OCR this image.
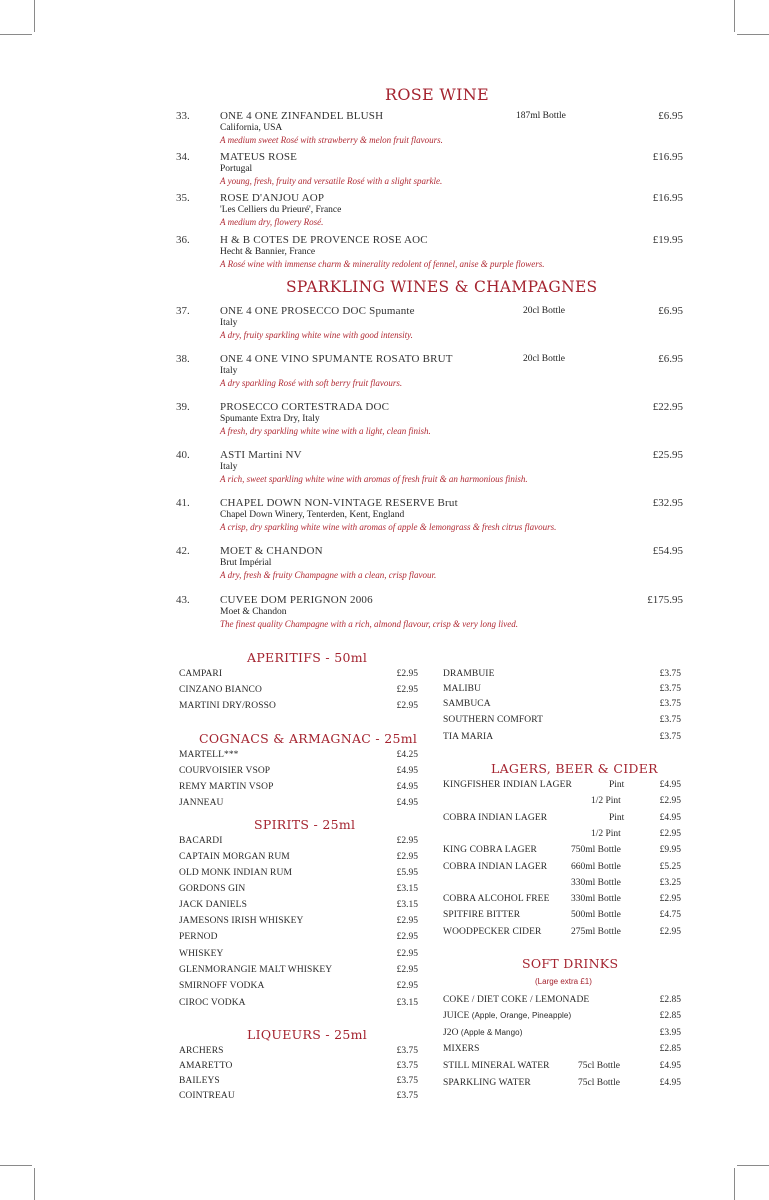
ROSE WINE
33.	ONE 4 ONE ZINFANDEL BLUSH	187ml Bottle	£6.95
California, USA
A medium sweet Rosé with strawberry & melon fruit flavours.
34.	MATEUS ROSE	£16.95
Portugal
A young, fresh, fruity and versatile Rosé with a slight sparkle.
35.	ROSE D'ANJOU AOP	£16.95
'Les Celliers du Prieuré', France
A medium dry, flowery Rosé.
36.	H & B COTES DE PROVENCE ROSE AOC	£19.95
Hecht & Bannier, France
A Rosé wine with immense charm & minerality redolent of fennel, anise & purple flowers.
SPARKLING WINES & CHAMPAGNES
37.	ONE 4 ONE PROSECCO DOC Spumante	20cl Bottle	£6.95
Italy
A dry, fruity sparkling white wine with good intensity.
38.	ONE 4 ONE VINO SPUMANTE ROSATO BRUT	20cl Bottle	£6.95
Italy
A dry sparkling Rosé with soft berry fruit flavours.
39.	PROSECCO CORTESTRADA DOC	£22.95
Spumante Extra Dry, Italy
A fresh, dry sparkling white wine with a light, clean finish.
40.	ASTI Martini NV	£25.95
Italy
A rich, sweet sparkling white wine with aromas of fresh fruit & an harmonious finish.
41.	CHAPEL DOWN NON-VINTAGE RESERVE Brut	£32.95
Chapel Down Winery, Tenterden, Kent, England
A crisp, dry sparkling white wine with aromas of apple & lemongrass & fresh citrus flavours.
42.	MOET & CHANDON	£54.95
Brut Impérial
A dry, fresh & fruity Champagne with a clean, crisp flavour.
43.	CUVEE DOM PERIGNON 2006	£175.95
Moet & Chandon
The finest quality Champagne with a rich, almond flavour, crisp & very long lived.
APERITIFS - 50ml
CAMPARI	£2.95
CINZANO BIANCO	£2.95
MARTINI DRY/ROSSO	£2.95
COGNACS & ARMAGNAC - 25ml
MARTELL***	£4.25
COURVOISIER VSOP	£4.95
REMY MARTIN VSOP	£4.95
JANNEAU	£4.95
SPIRITS - 25ml
BACARDI	£2.95
CAPTAIN MORGAN RUM	£2.95
OLD MONK INDIAN RUM	£5.95
GORDONS GIN	£3.15
JACK DANIELS	£3.15
JAMESONS IRISH WHISKEY	£2.95
PERNOD	£2.95
WHISKEY	£2.95
GLENMORANGIE MALT WHISKEY	£2.95
SMIRNOFF VODKA	£2.95
CIROC VODKA	£3.15
LIQUEURS - 25ml
ARCHERS	£3.75
AMARETTO	£3.75
BAILEYS	£3.75
COINTREAU	£3.75
DRAMBUIE	£3.75
MALIBU	£3.75
SAMBUCA	£3.75
SOUTHERN COMFORT	£3.75
TIA MARIA	£3.75
LAGERS, BEER & CIDER
KINGFISHER INDIAN LAGER	Pint	£4.95
1/2 Pint	£2.95
COBRA INDIAN LAGER	Pint	£4.95
1/2 Pint	£2.95
KING COBRA LAGER	750ml Bottle	£9.95
COBRA INDIAN LAGER	660ml Bottle	£5.25
330ml Bottle	£3.25
COBRA ALCOHOL FREE 330ml Bottle	£2.95
SPITFIRE BITTER	500ml Bottle	£4.75
WOODPECKER CIDER	275ml Bottle	£2.95
SOFT DRINKS
(Large extra £1)
COKE / DIET COKE / LEMONADE	£2.85
JUICE (Apple, Orange, Pineapple)	£2.85
J2O (Apple & Mango)	£3.95
MIXERS	£2.85
STILL MINERAL WATER	75cl Bottle	£4.95
SPARKLING WATER	75cl Bottle	£4.95
